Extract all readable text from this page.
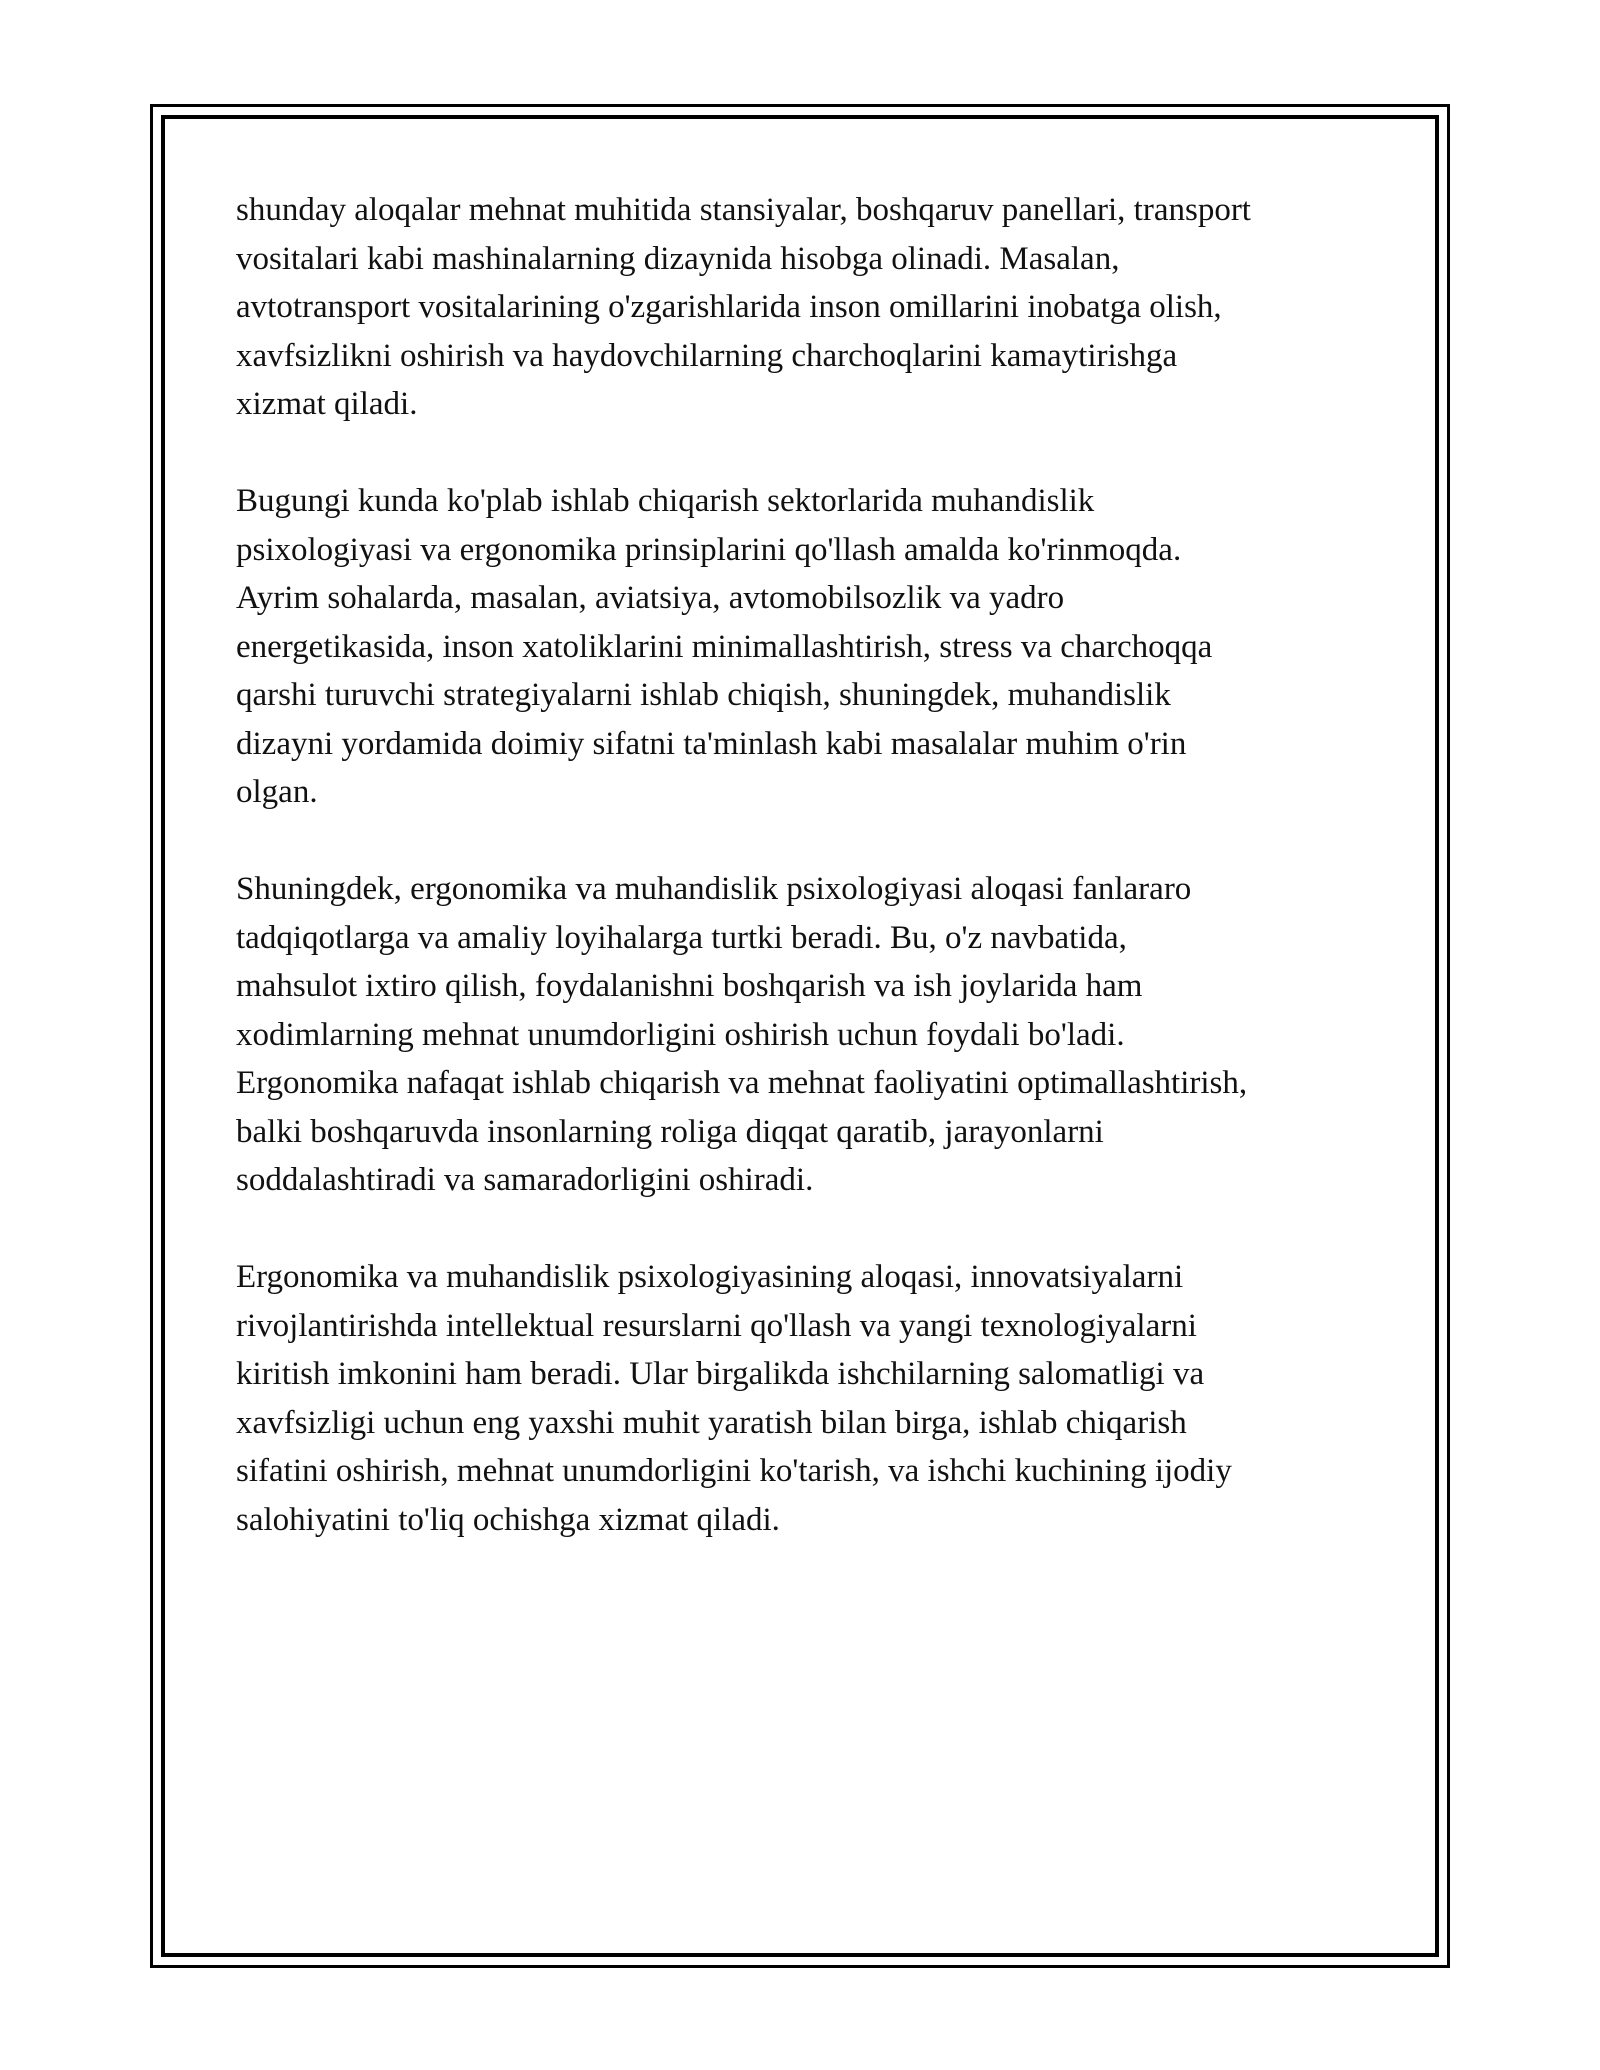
shunday aloqalar mehnat muhitida stansiyalar, boshqaruv panellari, transport
vositalari kabi mashinalarning dizaynida hisobga olinadi. Masalan,
avtotransport vositalarining o'zgarishlarida inson omillarini inobatga olish,
xavfsizlikni oshirish va haydovchilarning charchoqlarini kamaytirishga
xizmat qiladi.

Bugungi kunda ko'plab ishlab chiqarish sektorlarida muhandislik
psixologiyasi va ergonomika prinsiplarini qo'llash amalda ko'rinmoqda.
Ayrim sohalarda, masalan, aviatsiya, avtomobilsozlik va yadro
energetikasida, inson xatoliklarini minimallashtirish, stress va charchoqqa
qarshi turuvchi strategiyalarni ishlab chiqish, shuningdek, muhandislik
dizayni yordamida doimiy sifatni ta'minlash kabi masalalar muhim o'rin
olgan.

Shuningdek, ergonomika va muhandislik psixologiyasi aloqasi fanlararo
tadqiqotlarga va amaliy loyihalarga turtki beradi. Bu, o'z navbatida,
mahsulot ixtiro qilish, foydalanishni boshqarish va ish joylarida ham
xodimlarning mehnat unumdorligini oshirish uchun foydali bo'ladi.
Ergonomika nafaqat ishlab chiqarish va mehnat faoliyatini optimallashtirish,
balki boshqaruvda insonlarning roliga diqqat qaratib, jarayonlarni
soddalashtiradi va samaradorligini oshiradi.

Ergonomika va muhandislik psixologiyasining aloqasi, innovatsiyalarni
rivojlantirishda intellektual resurslarni qo'llash va yangi texnologiyalarni
kiritish imkonini ham beradi. Ular birgalikda ishchilarning salomatligi va
xavfsizligi uchun eng yaxshi muhit yaratish bilan birga, ishlab chiqarish
sifatini oshirish, mehnat unumdorligini ko'tarish, va ishchi kuchining ijodiy
salohiyatini to'liq ochishga xizmat qiladi.
